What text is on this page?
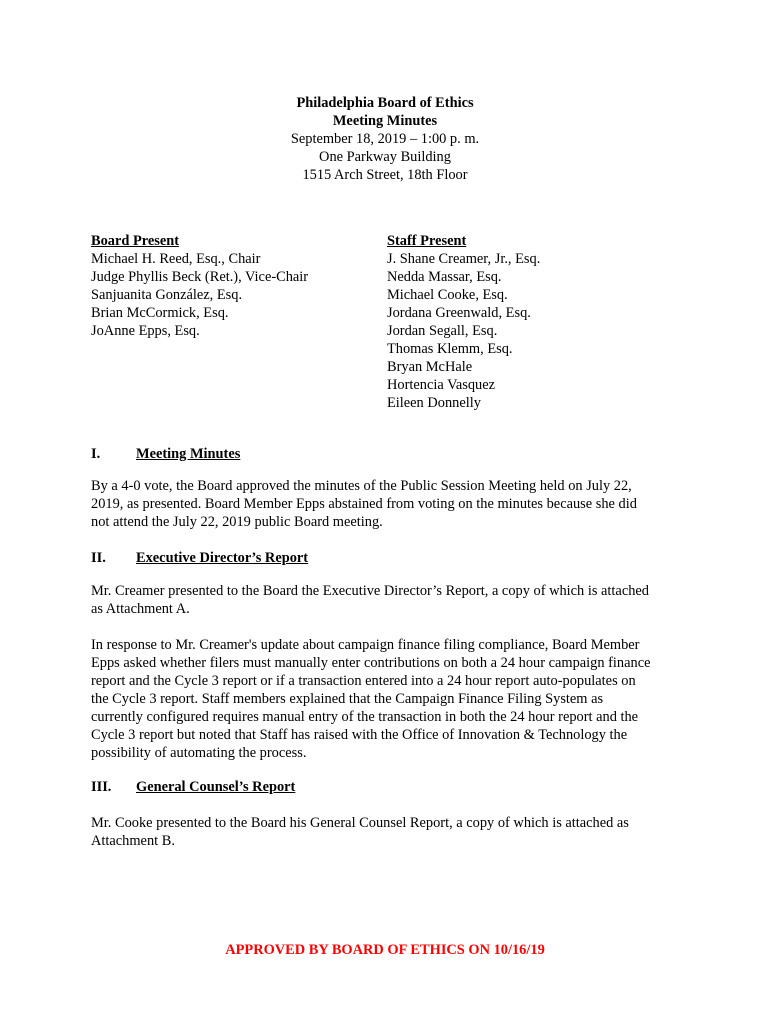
Philadelphia Board of Ethics
Meeting Minutes
September 18, 2019 – 1:00 p. m.
One Parkway Building
1515 Arch Street, 18th Floor
Board Present
Michael H. Reed, Esq., Chair
Judge Phyllis Beck (Ret.), Vice-Chair
Sanjuanita González, Esq.
Brian McCormick, Esq.
JoAnne Epps, Esq.
Staff Present
J. Shane Creamer, Jr., Esq.
Nedda Massar, Esq.
Michael Cooke, Esq.
Jordana Greenwald, Esq.
Jordan Segall, Esq.
Thomas Klemm, Esq.
Bryan McHale
Hortencia Vasquez
Eileen Donnelly
I. Meeting Minutes
By a 4-0 vote, the Board approved the minutes of the Public Session Meeting held on July 22,
2019, as presented. Board Member Epps abstained from voting on the minutes because she did
not attend the July 22, 2019 public Board meeting.
II. Executive Director’s Report
Mr. Creamer presented to the Board the Executive Director’s Report, a copy of which is attached
as Attachment A.
In response to Mr. Creamer's update about campaign finance filing compliance, Board Member
Epps asked whether filers must manually enter contributions on both a 24 hour campaign finance
report and the Cycle 3 report or if a transaction entered into a 24 hour report auto-populates on
the Cycle 3 report. Staff members explained that the Campaign Finance Filing System as
currently configured requires manual entry of the transaction in both the 24 hour report and the
Cycle 3 report but noted that Staff has raised with the Office of Innovation & Technology the
possibility of automating the process.
III. General Counsel’s Report
Mr. Cooke presented to the Board his General Counsel Report, a copy of which is attached as
Attachment B.
APPROVED BY BOARD OF ETHICS ON 10/16/19
